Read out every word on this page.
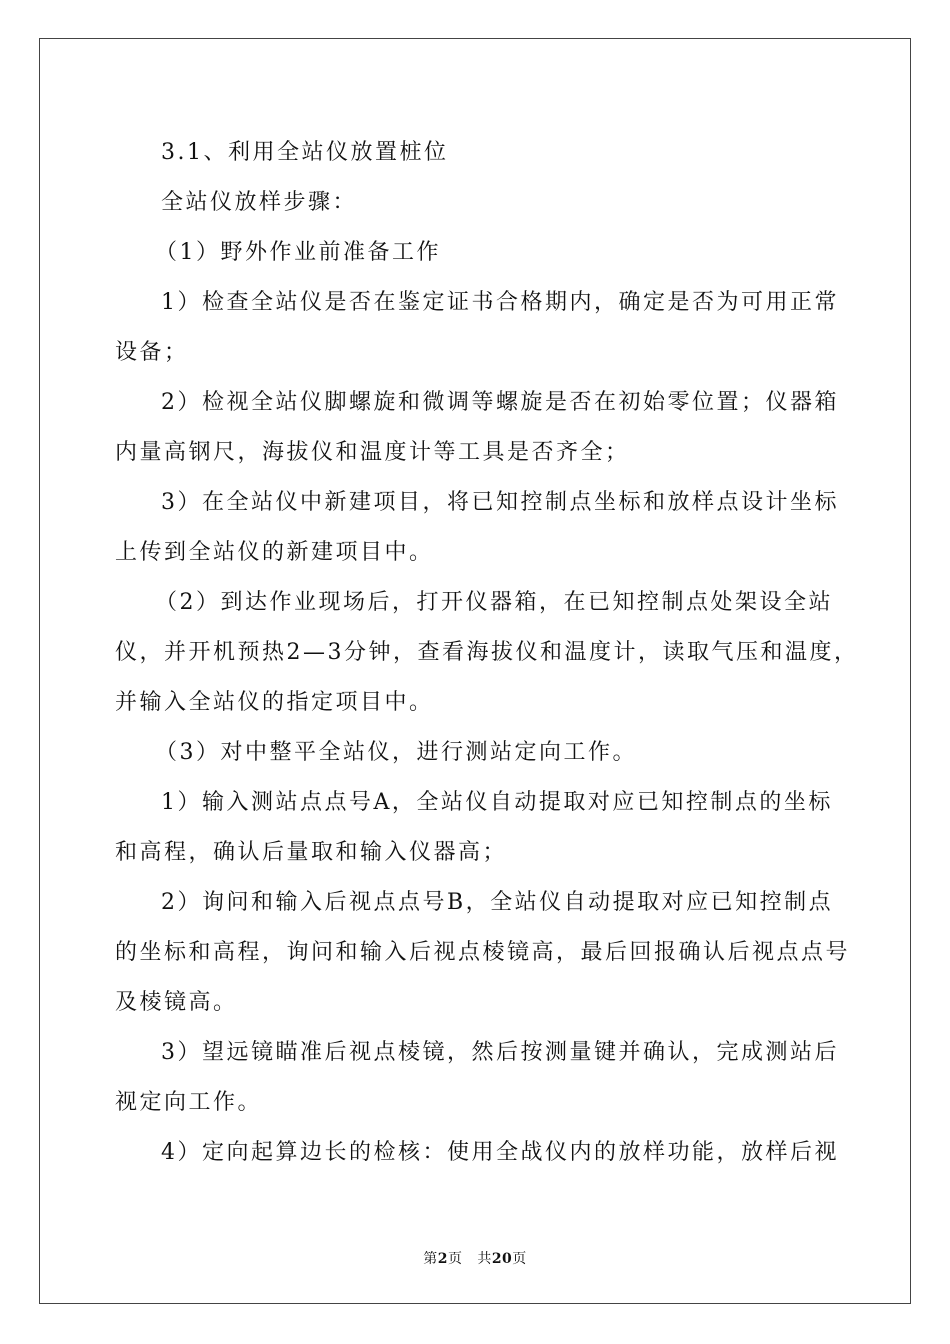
3.1、利用全站仪放置桩位
全站仪放样步骤：
（1）野外作业前准备工作
1）检查全站仪是否在鉴定证书合格期内，确定是否为可用正常
设备；
2）检视全站仪脚螺旋和微调等螺旋是否在初始零位置；仪器箱
内量高钢尺，海拔仪和温度计等工具是否齐全；
3）在全站仪中新建项目，将已知控制点坐标和放样点设计坐标
上传到全站仪的新建项目中。
（2）到达作业现场后，打开仪器箱，在已知控制点处架设全站
仪，并开机预热2—3分钟，查看海拔仪和温度计，读取气压和温度，
并输入全站仪的指定项目中。
（3）对中整平全站仪，进行测站定向工作。
1）输入测站点点号A，全站仪自动提取对应已知控制点的坐标
和高程，确认后量取和输入仪器高；
2）询问和输入后视点点号B，全站仪自动提取对应已知控制点
的坐标和高程，询问和输入后视点棱镜高，最后回报确认后视点点号
及棱镜高。
3）望远镜瞄准后视点棱镜，然后按测量键并确认，完成测站后
视定向工作。
4）定向起算边长的检核：使用全战仪内的放样功能，放样后视
第2页 共20页
